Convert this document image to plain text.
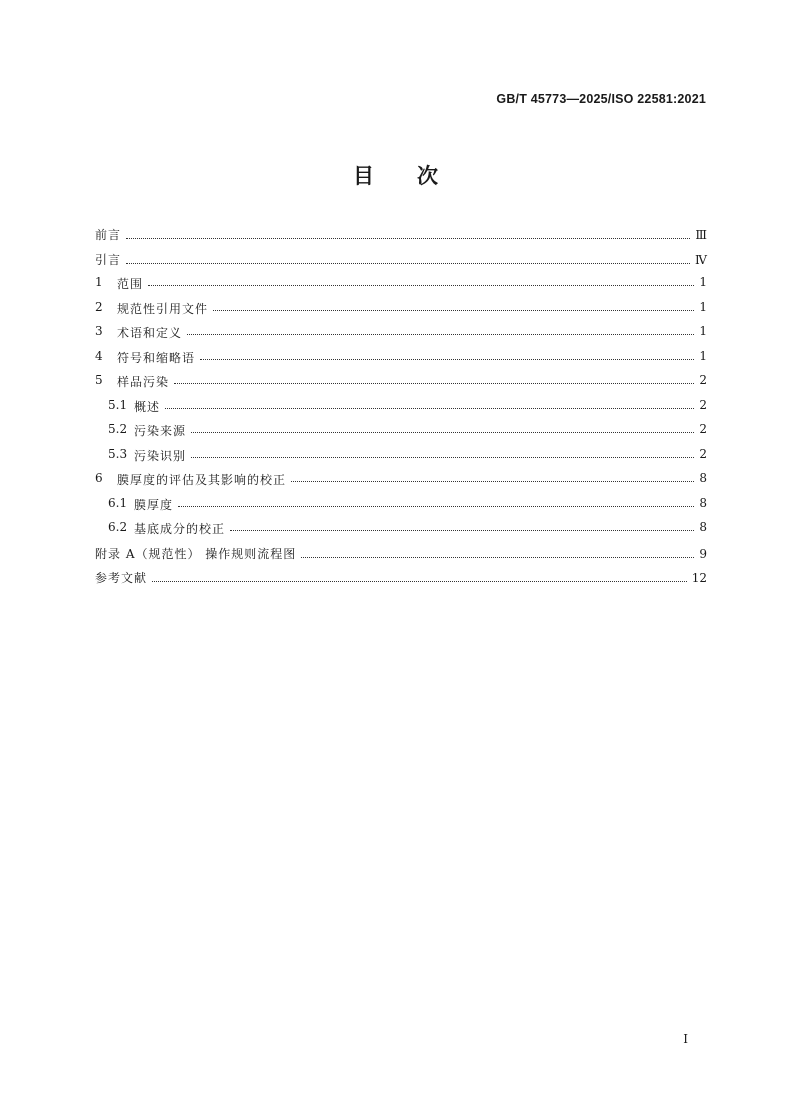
GB/T 45773—2025/ISO 22581:2021
目 次
前言	Ⅲ
引言	Ⅳ
1	范围	1
2	规范性引用文件	1
3	术语和定义	1
4	符号和缩略语	1
5	样品污染	2
5.1 概述	2
5.2 污染来源	2
5.3 污染识别	2
6	膜厚度的评估及其影响的校正	8
6.1 膜厚度	8
6.2 基底成分的校正	8
附录 A（规范性） 操作规则流程图	9
参考文献	12
I
